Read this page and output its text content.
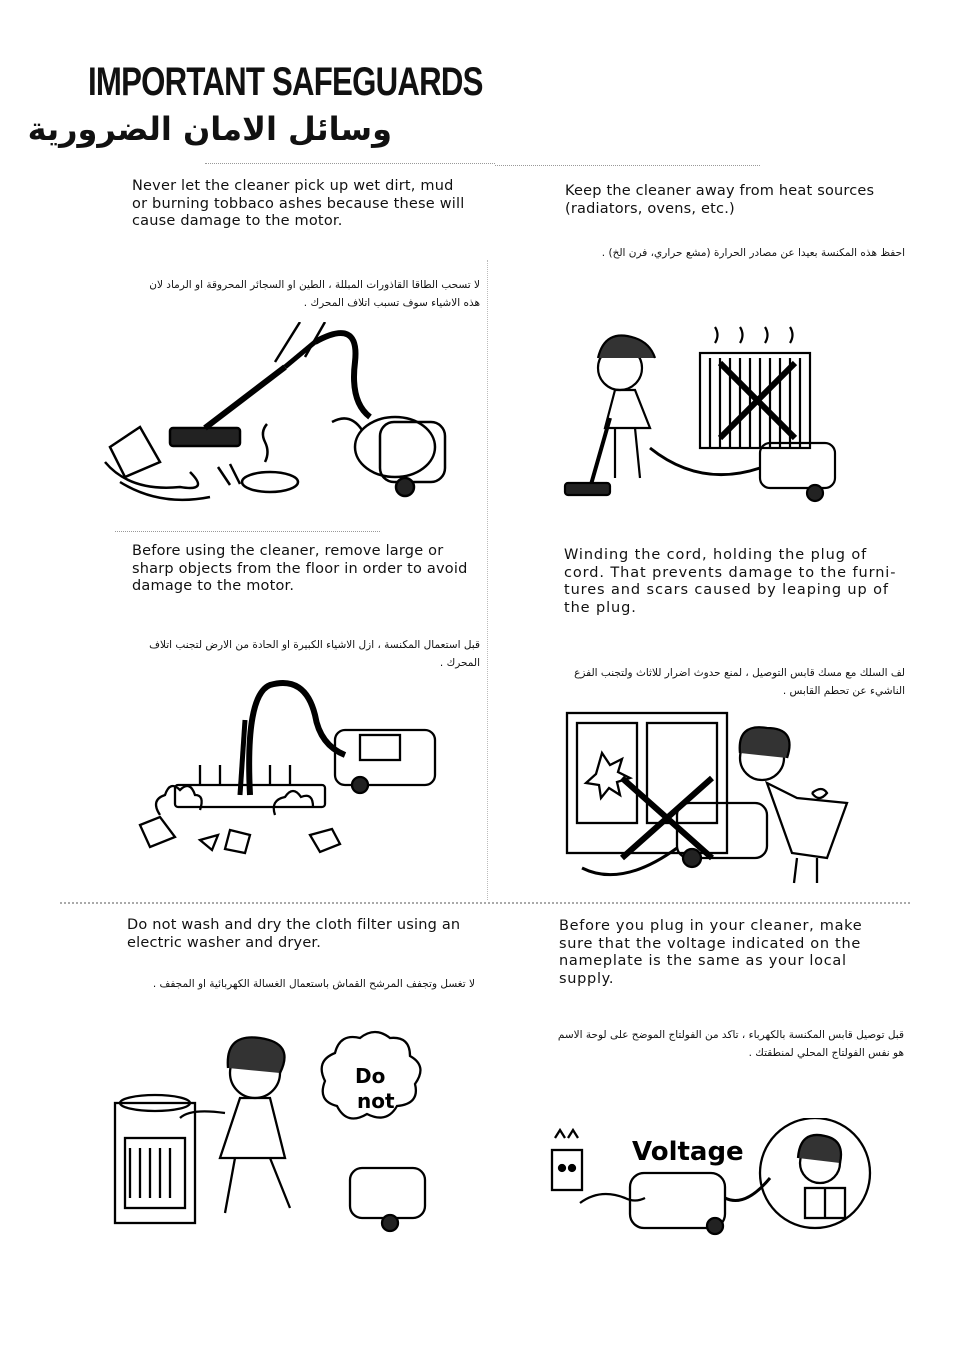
IMPORTANT SAFEGUARDS
وسائل الامان الضرورية
Never let the cleaner pick up wet dirt, mud or burning tobbaco ashes because these will cause damage to the motor.
لا تسحب الطاقا القاذورات المبللة ، الطين او السجائر المحروقة او الرماد لان هذه الاشياء سوف تسبب اتلاف المحرك .
Keep the cleaner away from heat sources (radiators, ovens, etc.)
احفظ هذه المكنسة بعيدا عن مصادر الحرارة (مشع حراري، فرن الخ) .
Before using the cleaner, remove large or sharp objects from the floor in order to avoid damage to the motor.
قبل استعمال المكنسة ، ازل الاشياء الكبيرة او الحادة من الارض لتجنب اتلاف المحرك .
Winding the cord, holding the plug of cord. That prevents damage to the furni-tures and scars caused by leaping up of the plug.
لف السلك مع مسك قابس التوصيل ، لمنع حدوث اضرار للاثاث ولتجنب الفزع الناشيء عن تحطم القابس .
Do not wash and dry the cloth filter using an electric washer and dryer.
لا تغسل وتجفف المرشح القماش باستعمال الغسالة الكهربائية او المجفف .
Do
not
Before you plug in your cleaner, make sure that the voltage indicated on the nameplate is the same as your local supply.
قبل توصيل قابس المكنسة بالكهرباء ، تاكد من الفولتاج الموضح على لوحة الاسم هو نفس الفولتاج المحلي لمنطقتك .
Voltage
